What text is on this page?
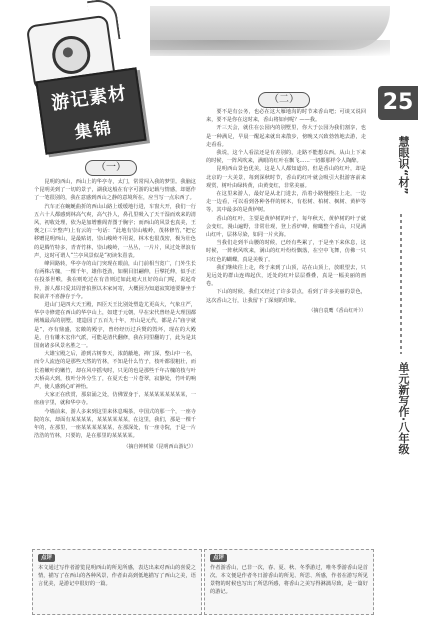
游记素材
集锦
（一）
（二）

昆明的西山，西山上的华亭寺，太门，常常闯入我的梦里。我脑这个昆明美到了一切的景子，湖我这般在有字可游的记载与情感，却愿作了一笔很别的，我在意感到西山之静的意境所在，应当写一点东西了。

汽车正在蜿蜒曲折的西山山路上缓缓地行进，车窗大开，我们一行五六十人都感到林高气爽，高气扑人，鼻孔里吸入了天干湿而欢来的清风，初收处理，依为是加增雅阁青图于胸宇；而西山的风景也真美，王褒之(三辛整声)上有云的一句话：“此地有崇山峻岭，茂林修竹，”把它移赠昆明西山，是最贴切，崇山峻岭不用说，林木也很茂密，极为壮色的是腾竹特多，青青竹林，崇山峻岭，一丛丛，一片片，风过处翠浪有声，这时可谓人“兰亭风景似是“初读朱熹表。

峰回路转，华亭寺的山门突现在眼前，山门前相当宽广，门外生长有两株古槐，一棵千年，雄伟苍劲，如桐目旧翩伸，巨擘托伸，似手正在投茶世喉，我在则吃过在有昔则过如此庭大且好的山门呢，说起奇异，游人都只爱其周普拍照以本家问寄，大概因为知道寂寞地要静坐于院前并不喜静存于今。

进山门是四大天王殿，四臣天王比别处塑造尤更高大，气象庄严，华亭寺修建在西山的华亭山上，如建于元朝，早在宋代曾经是大理国都阐城最高的别墅，建造园了五百九十年，开山是元代，都是占“庙宇就是”，亦有鼎盛，宏敞的殿宇，曾经经历过兵燹的毁坏，现在的大殿是，自有雕木宏伟气派，可能是清代翻修，我在同里翻的丁，此为是其国南诸多风景名胜之一。

大雄宝殿之后，游到古树参天，浓荫蔽地，禅门深，整山中一名，而令人流连的是那些天然的竹林，不知是什么竹子，枝叶都很粗壮，而长着嫩叶的嫩竹，却在风中摇曳时，只见的也是那些千年古槐的枝与叶天桥高大到，枝叶分外分生了，在夏天也一片苍翠，寂静处，竹叶的响声，使人感到心旷神怡。

大家正在欣赏，那泉涌之处，仿佛置身于，某某某某某某某某，一座庙宇里，就和华亭寺。

今墙前来，游人多来到这里来休息喝茶，中国式的那一个，一座寺院的东，却面有某某某某，某某某某某某，在这里，我们，那是一棵千年的，在那里，一座某某某某某某，在那深处，有一座寺院，于是一片浩浩的竹林，只要的，是在那里的某某某某。

（摘自钟树梁《昆明西山游记》）

点评
本文通过写作者游览昆明西山的所见所感，表达出来对西山的喜爱之情，描写了在西山的各种风景，作者由高到低地描写了西山之美，语言优美，是游记中很好的一篇。

要不是有公务，也必在这大雁地沟的时节来香山吧；可谈又说回来，要不是你在这时来，香山将如何呢？——我。

开三天会，就住在公园内的别墅里，你大于公园为我们割享，也是一种满足，早晨一醒起来就出来散步，傍晚又兴致勃勃地去游，走走看看。

我说，这个人看法还是有差别的，走路不能想东西。从山上下来的时候，一阵风吹来，满眼的红叶在飘飞……一切都那样令人陶醉。

昆明西山景色优美，这是人人都知道的，但是香山的红叶，却是北京的一大美景，每到深秋时节，香山的红叶就会吸引大批游客前来观赏，树叶由绿转黄，由黄变红，非常美丽。

在这里来游人，最好是从北门进去，沿着小路慢慢往上走，一边走一边看，可以看到各种各样的树木，有松树、柏树、枫树、黄栌等等，其中最多的是黄栌树。

香山的红叶，主要是黄栌树的叶子，每年秋天，黄栌树的叶子就会变红，漫山遍野，非常壮观，登上香炉峰，俯瞰整个香山，只见满山红叶，层林尽染，如同一片火海。

当我们走到半山腰的时候，已经有些累了，于是坐下来休息，这时候，一阵秋风吹来，满山的红叶纷纷飘落，在空中飞舞，仿佛一只只红色的蝴蝶，真是美极了。

我们继续往上走，终于来到了山顶，站在山顶上，放眼望去，只见远处的群山连绵起伏，近处的红叶层层叠叠，真是一幅美丽的画卷。

下山的时候，我们又经过了许多景点，看到了许多美丽的景色，这次香山之行，让我留下了深刻的印象。

（摘自袁鹰《香山红叶》）

点评
作者游香山，已非一次，春、夏、秋、冬季游过，唯冬季游香山是首次。本文便是作者冬日游香山的所见、所思、所感，作者在游写所见景物的时候也写出了所思所感，将香山之美写得淋漓尽致，是一篇好的游记。
25
慧眼识“材”
单元新写作·八年级
